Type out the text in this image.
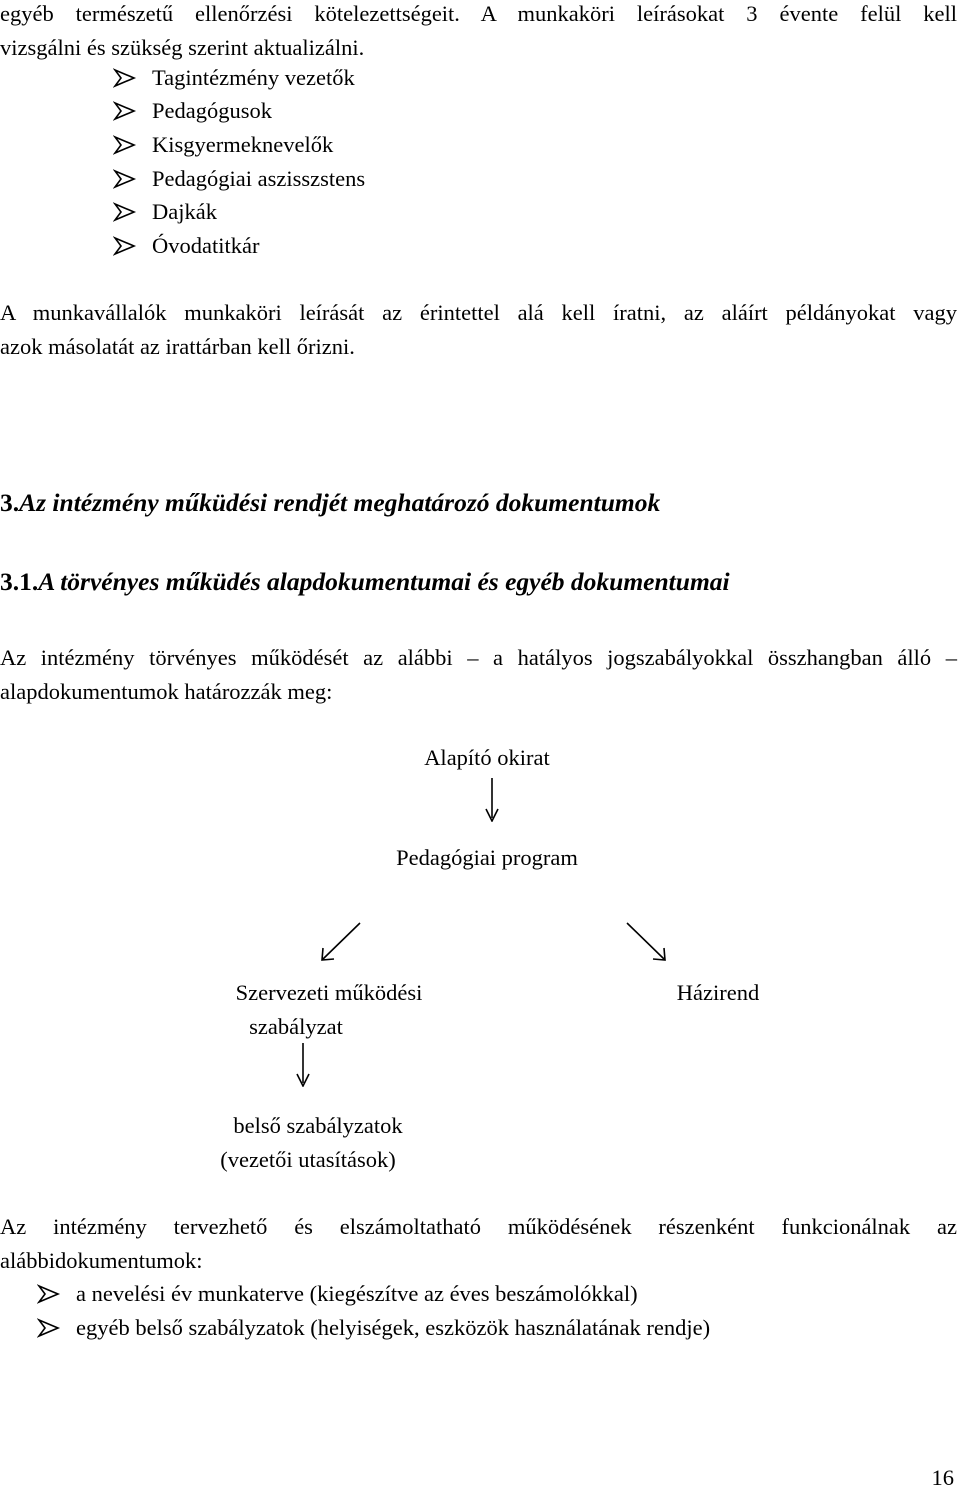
egyéb természetű ellenőrzési kötelezettségeit. A munkaköri leírásokat 3 évente felül kell
vizsgálni és szükség szerint aktualizálni.
Tagintézmény vezetők
Pedagógusok
Kisgyermeknevelők
Pedagógiai aszisszstens
Dajkák
Óvodatitkár
A munkavállalók munkaköri leírását az érintettel alá kell íratni, az aláírt példányokat vagy
azok másolatát az irattárban kell őrizni.
3.Az intézmény műküdési rendjét meghatározó dokumentumok
3.1.A törvényes műküdés alapdokumentumai és egyéb dokumentumai
Az intézmény törvényes működését az alábbi – a hatályos jogszabályokkal összhangban álló –
alapdokumentumok határozzák meg:
Alapító okirat
Pedagógiai program
Szervezeti működési
szabályzat
Házirend
belső szabályzatok
(vezetői utasítások)
Az intézmény tervezhető és elszámoltatható működésének részenként funkcionálnak az
alábbidokumentumok:
a nevelési év munkaterve (kiegészítve az éves beszámolókkal)
egyéb belső szabályzatok (helyiségek, eszközök használatának rendje)
16
